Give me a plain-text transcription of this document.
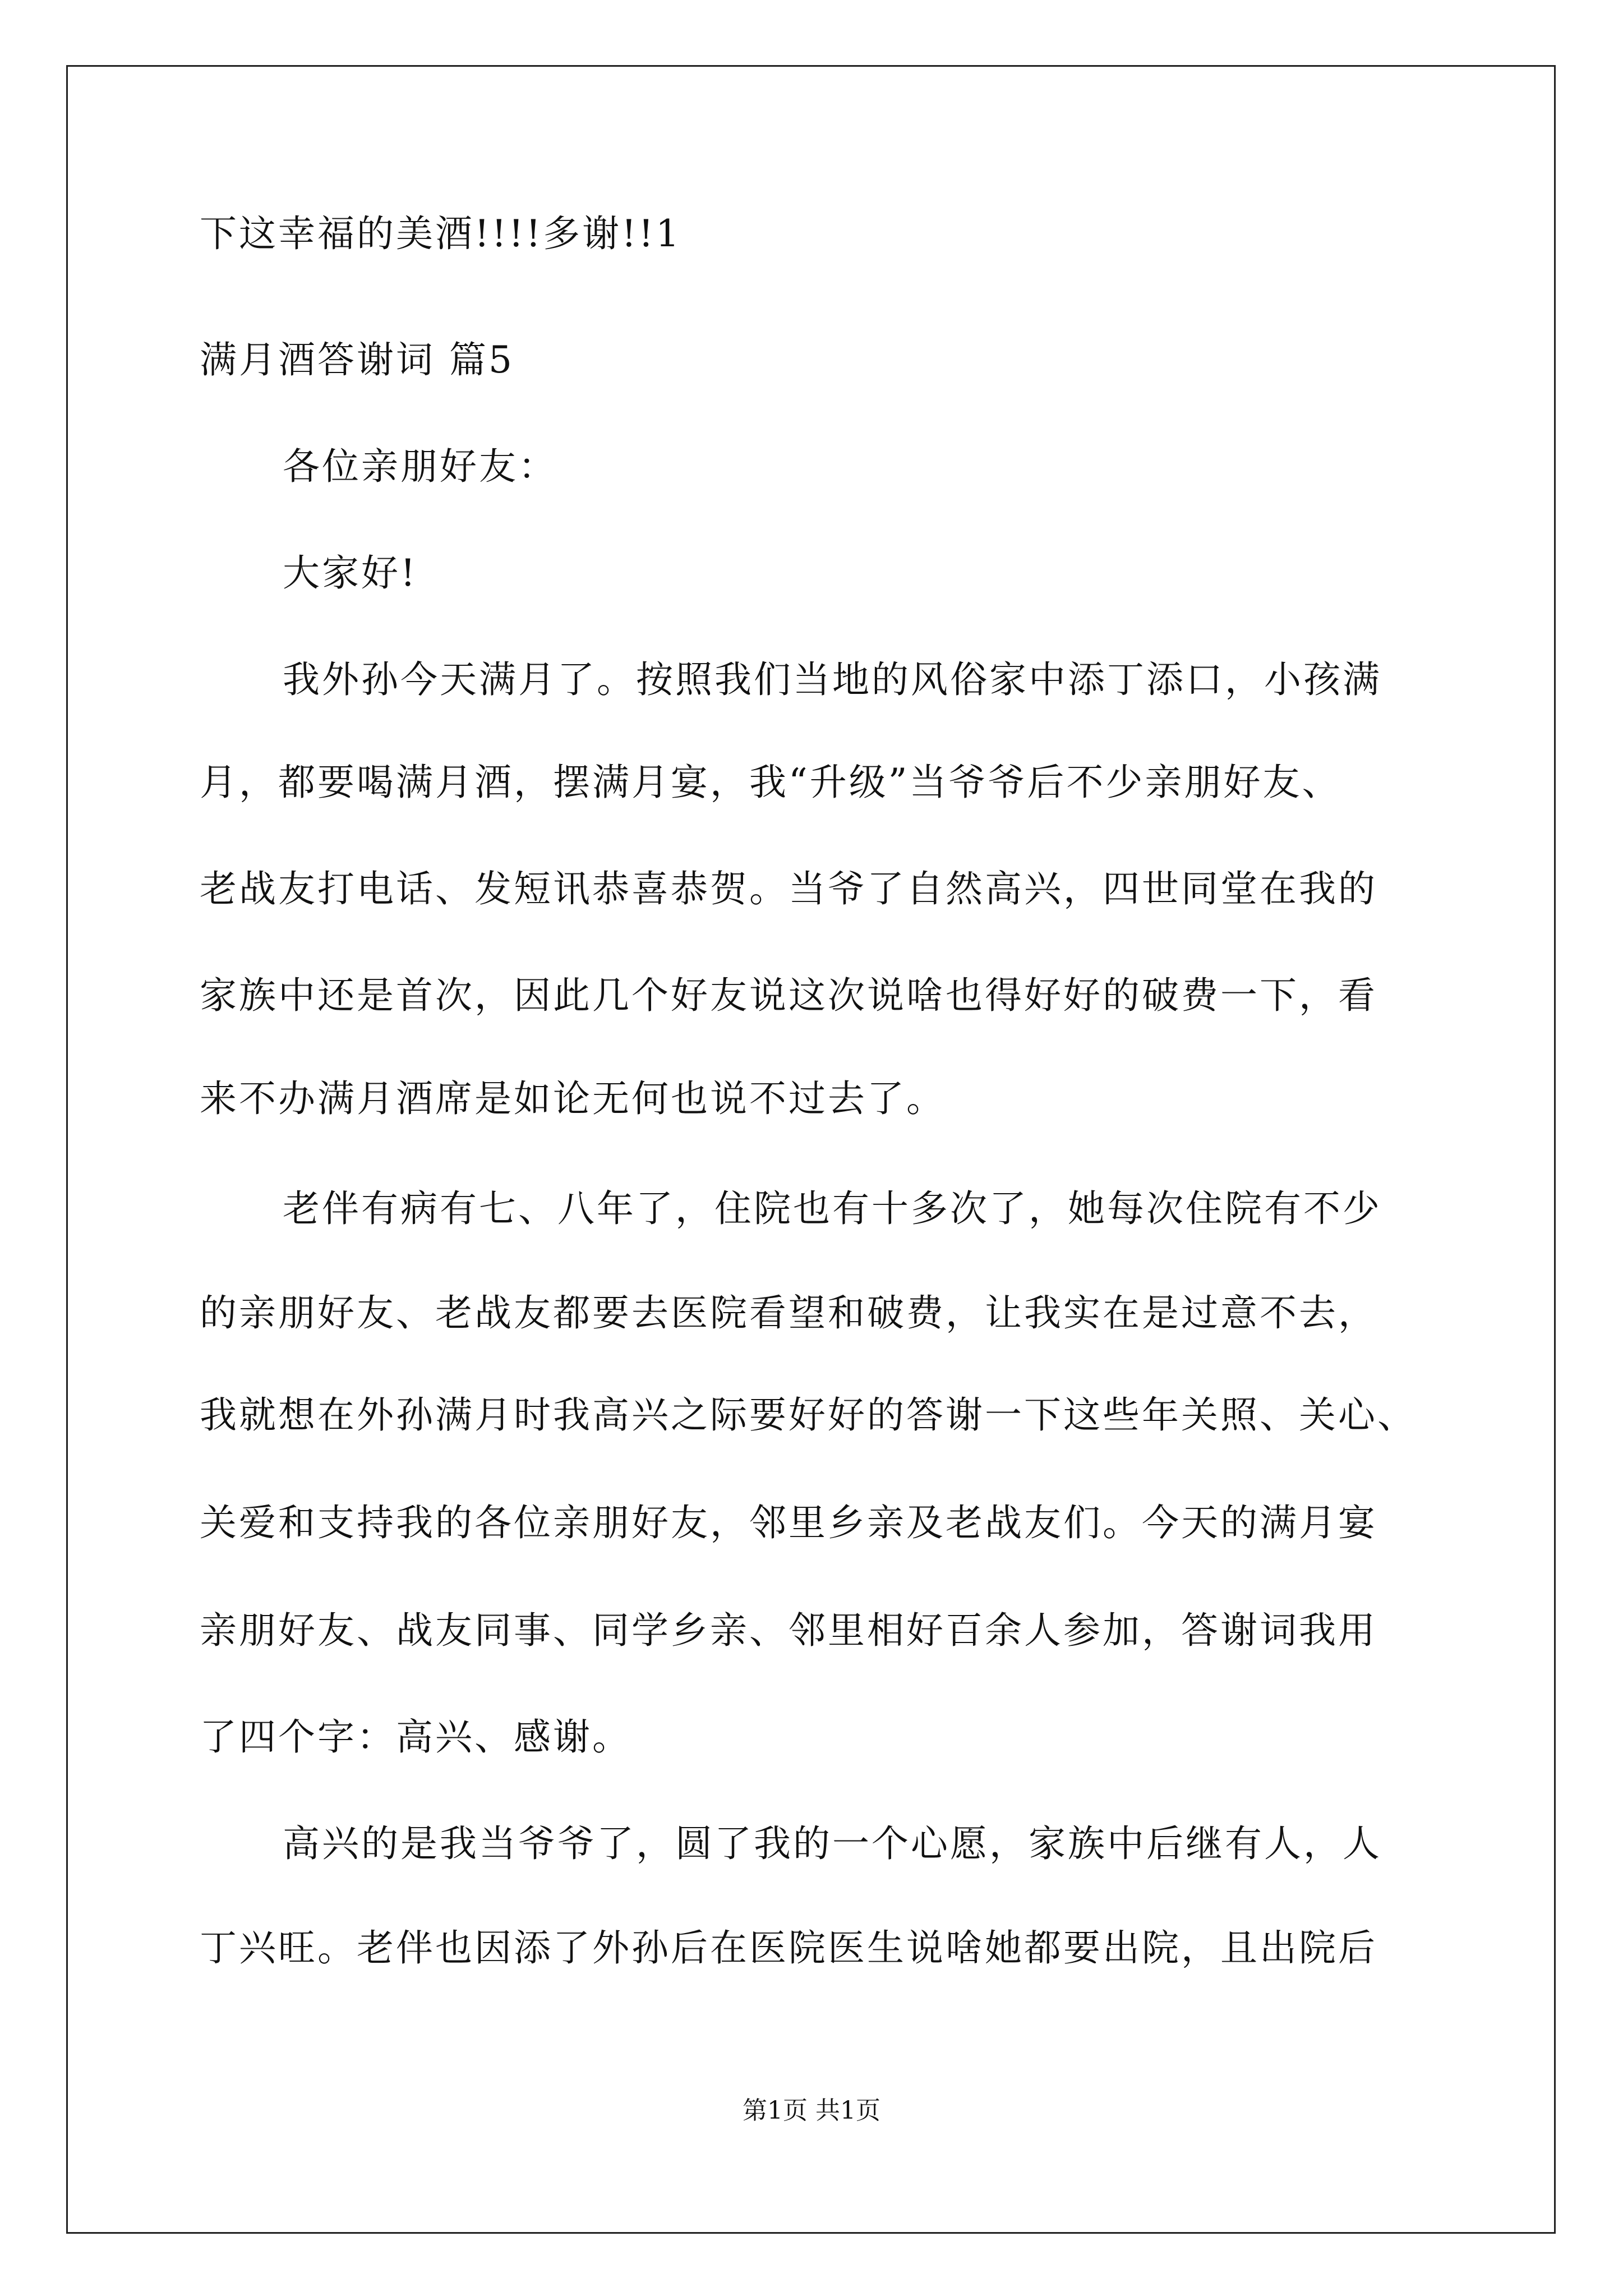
下这幸福的美酒!!!!多谢!!1
满月酒答谢词 篇5
各位亲朋好友：
大家好!
我外孙今天满月了。按照我们当地的风俗家中添丁添口，小孩满
月，都要喝满月酒，摆满月宴，我“升级”当爷爷后不少亲朋好友、
老战友打电话、发短讯恭喜恭贺。当爷了自然高兴，四世同堂在我的
家族中还是首次，因此几个好友说这次说啥也得好好的破费一下，看
来不办满月酒席是如论无何也说不过去了。
老伴有病有七、八年了，住院也有十多次了，她每次住院有不少
的亲朋好友、老战友都要去医院看望和破费，让我实在是过意不去，
我就想在外孙满月时我高兴之际要好好的答谢一下这些年关照、关心、
关爱和支持我的各位亲朋好友，邻里乡亲及老战友们。今天的满月宴
亲朋好友、战友同事、同学乡亲、邻里相好百余人参加，答谢词我用
了四个字：高兴、感谢。
高兴的是我当爷爷了，圆了我的一个心愿，家族中后继有人，人
丁兴旺。老伴也因添了外孙后在医院医生说啥她都要出院，且出院后
第1页 共1页
